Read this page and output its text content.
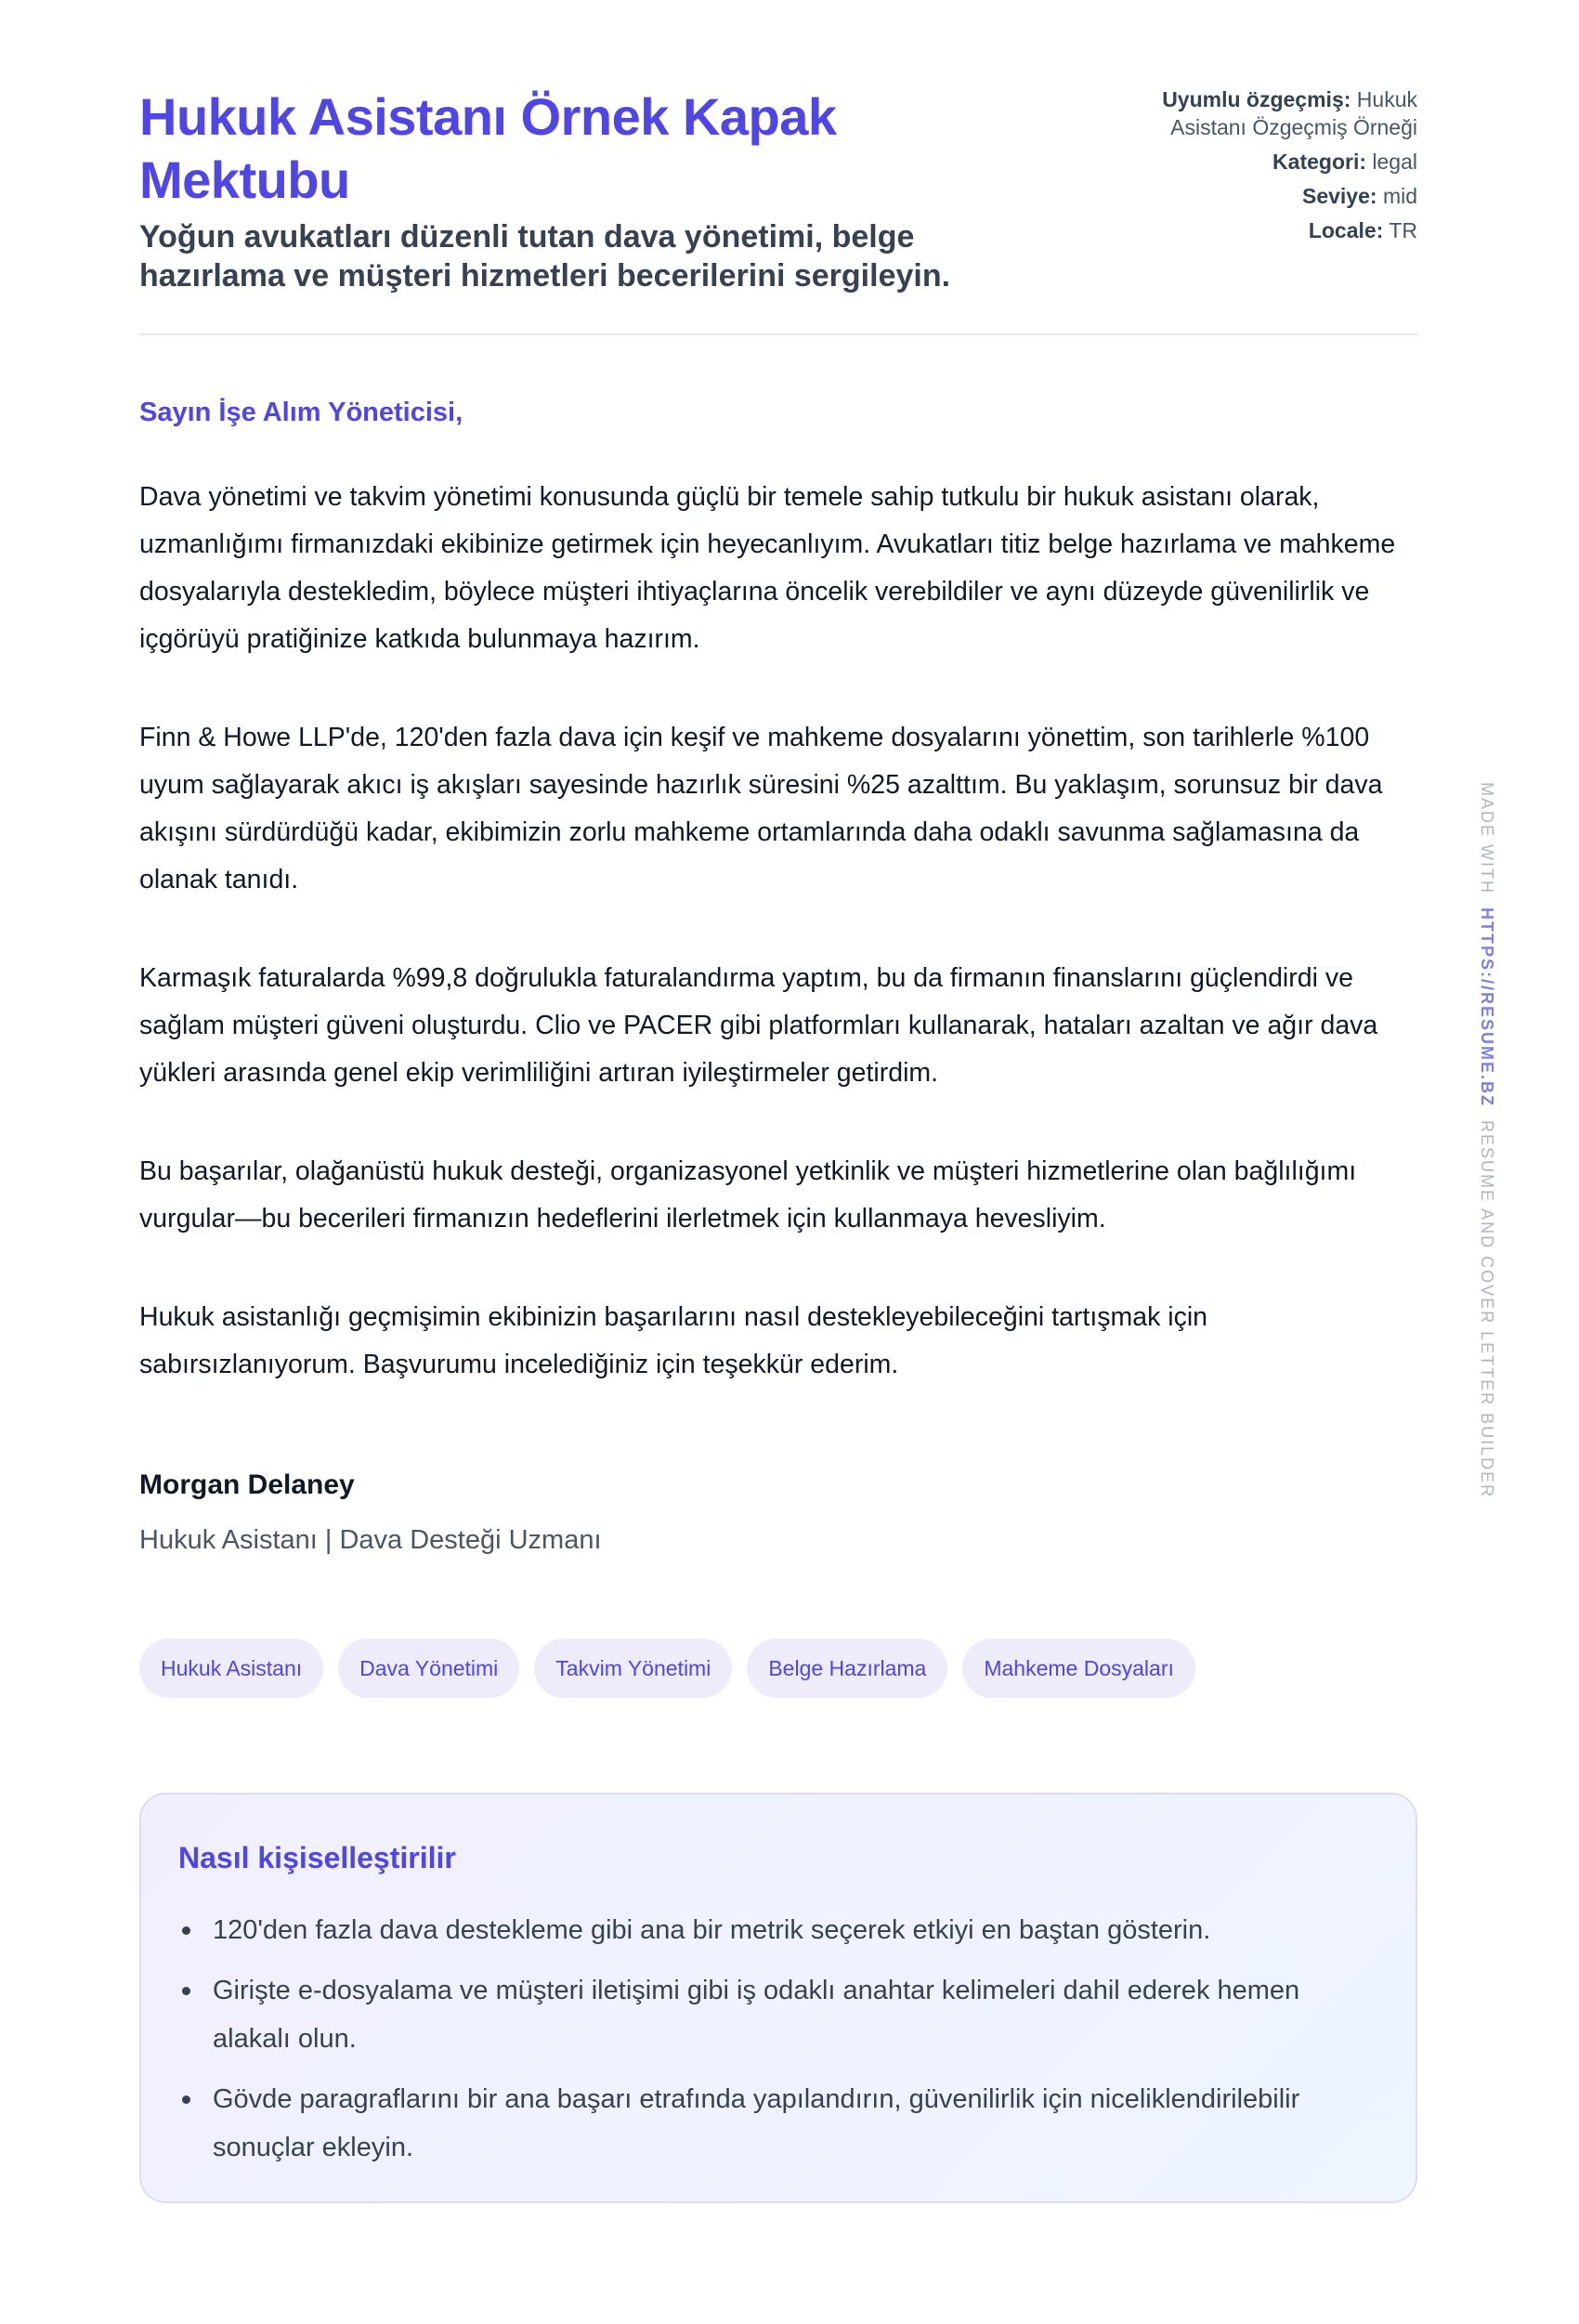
Hukuk Asistanı Örnek Kapak Mektubu
Yoğun avukatları düzenli tutan dava yönetimi, belge hazırlama ve müşteri hizmetleri becerilerini sergileyin.
Uyumlu özgeçmiş: Hukuk Asistanı Özgeçmiş Örneği
Kategori: legal
Seviye: mid
Locale: TR
Sayın İşe Alım Yöneticisi,

Dava yönetimi ve takvim yönetimi konusunda güçlü bir temele sahip tutkulu bir hukuk asistanı olarak, uzmanlığımı firmanızdaki ekibinize getirmek için heyecanlıyım. Avukatları titiz belge hazırlama ve mahkeme dosyalarıyla destekledim, böylece müşteri ihtiyaçlarına öncelik verebildiler ve aynı düzeyde güvenilirlik ve içgörüyü pratiğinize katkıda bulunmaya hazırım.

Finn & Howe LLP'de, 120'den fazla dava için keşif ve mahkeme dosyalarını yönettim, son tarihlerle %100 uyum sağlayarak akıcı iş akışları sayesinde hazırlık süresini %25 azalttım. Bu yaklaşım, sorunsuz bir dava akışını sürdürdüğü kadar, ekibimizin zorlu mahkeme ortamlarında daha odaklı savunma sağlamasına da olanak tanıdı.

Karmaşık faturalarda %99,8 doğrulukla faturalandırma yaptım, bu da firmanın finanslarını güçlendirdi ve sağlam müşteri güveni oluşturdu. Clio ve PACER gibi platformları kullanarak, hataları azaltan ve ağır dava yükleri arasında genel ekip verimliliğini artıran iyileştirmeler getirdim.

Bu başarılar, olağanüstü hukuk desteği, organizasyonel yetkinlik ve müşteri hizmetlerine olan bağlılığımı vurgular—bu becerileri firmanızın hedeflerini ilerletmek için kullanmaya hevesliyim.

Hukuk asistanlığı geçmişimin ekibinizin başarılarını nasıl destekleyebileceğini tartışmak için sabırsızlanıyorum. Başvurumu incelediğiniz için teşekkür ederim.

Morgan Delaney
Hukuk Asistanı | Dava Desteği Uzmanı
Hukuk Asistanı	Dava Yönetimi	Takvim Yönetimi	Belge Hazırlama	Mahkeme Dosyaları
Nasıl kişiselleştirilir
120'den fazla dava destekleme gibi ana bir metrik seçerek etkiyi en baştan gösterin.
Girişte e-dosyalama ve müşteri iletişimi gibi iş odaklı anahtar kelimeleri dahil ederek hemen alakalı olun.
Gövde paragraflarını bir ana başarı etrafında yapılandırın, güvenilirlik için niceliklendirilebilir sonuçlar ekleyin.
MADE WITH  HTTPS://RESUME.BZ  RESUME AND COVER LETTER BUILDER
